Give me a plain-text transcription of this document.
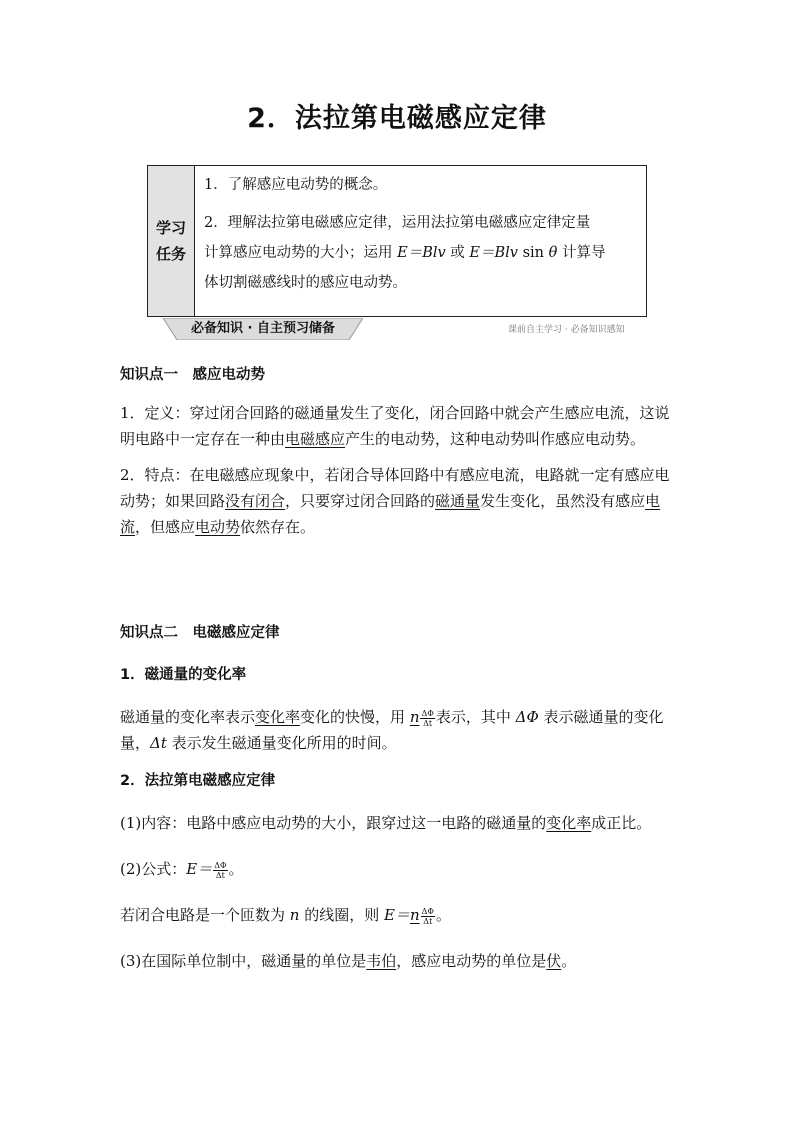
2．法拉第电磁感应定律
学习
任务

1．了解感应电动势的概念。

2．理解法拉第电磁感应定律，运用法拉第电磁感应定律定量

计算感应电动势的大小；运用 E＝Blv 或 E＝Blv sin θ 计算导

体切割磁感线时的感应电动势。

必备知识 · 自主预习储备	课前自主学习 · 必备知识感知

知识点一　感应电动势

1．定义：穿过闭合回路的磁通量发生了变化，闭合回路中就会产生感应电流，这说明电路中一定存在一种由电磁感应产生的电动势，这种电动势叫作感应电动势。

2．特点：在电磁感应现象中，若闭合导体回路中有感应电流，电路就一定有感应电动势；如果回路没有闭合，只要穿过闭合回路的磁通量发生变化，虽然没有感应电流，但感应电动势依然存在。

知识点二　电磁感应定律

1．磁通量的变化率

磁通量的变化率表示变化率变化的快慢，用 n $\frac{\Delta\Phi}{\Delta t}$ 表示，其中 ΔΦ 表示磁通量的变化量，Δt 表示发生磁通量变化所用的时间。

2．法拉第电磁感应定律

(1)内容：电路中感应电动势的大小，跟穿过这一电路的磁通量的变化率成正比。

(2)公式：$E= \frac{\Delta\Phi}{\Delta t}$ 。

若闭合电路是一个匝数为 n 的线圈，则 $E=n \frac{\Delta\Phi}{\Delta t}$ 。

(3)在国际单位制中，磁通量的单位是韦伯，感应电动势的单位是伏。
